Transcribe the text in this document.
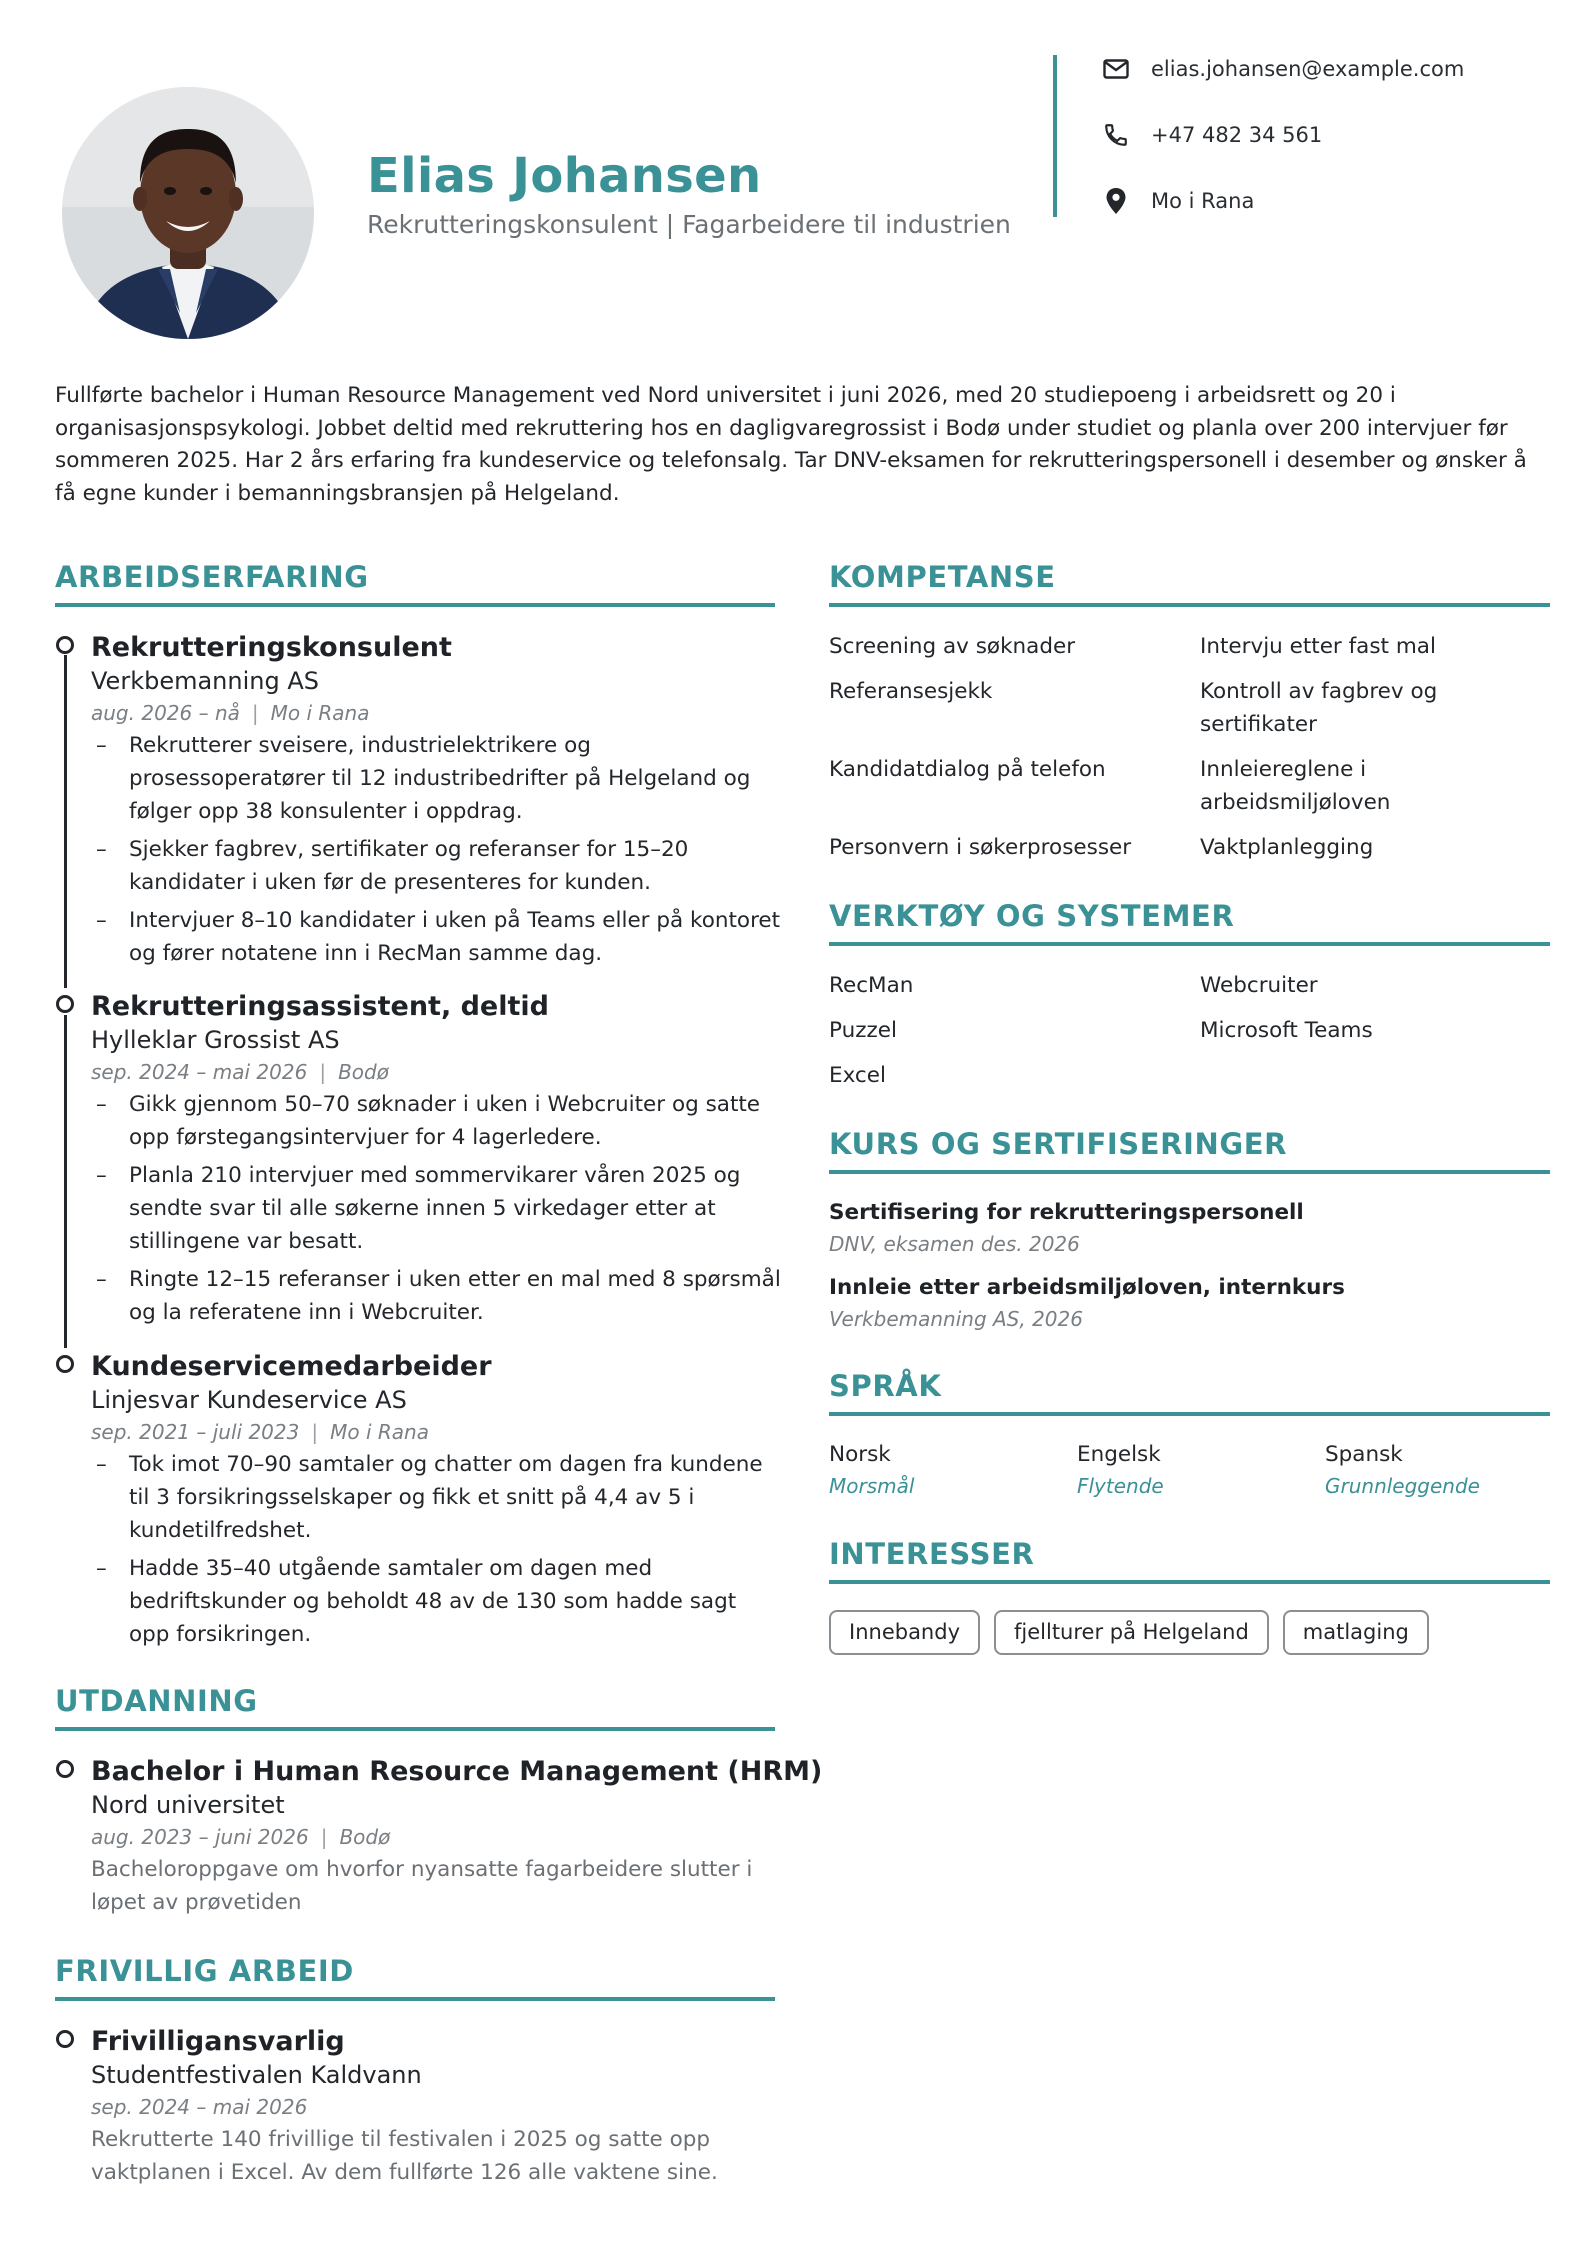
Elias Johansen
Rekrutteringskonsulent | Fagarbeidere til industrien
elias.johansen@example.com
+47 482 34 561
Mo i Rana
Fullførte bachelor i Human Resource Management ved Nord universitet i juni 2026, med 20 studiepoeng i arbeidsrett og 20 i organisasjonspsykologi. Jobbet deltid med rekruttering hos en dagligvaregrossist i Bodø under studiet og planla over 200 intervjuer før sommeren 2025. Har 2 års erfaring fra kundeservice og telefonsalg. Tar DNV-eksamen for rekrutteringspersonell i desember og ønsker å få egne kunder i bemanningsbransjen på Helgeland.
ARBEIDSERFARING
Rekrutteringskonsulent
Verkbemanning AS
aug. 2026 – nå | Mo i Rana
– Rekrutterer sveisere, industrielektrikere og prosessoperatører til 12 industribedrifter på Helgeland og følger opp 38 konsulenter i oppdrag.
– Sjekker fagbrev, sertifikater og referanser for 15–20 kandidater i uken før de presenteres for kunden.
– Intervjuer 8–10 kandidater i uken på Teams eller på kontoret og fører notatene inn i RecMan samme dag.
Rekrutteringsassistent, deltid
Hylleklar Grossist AS
sep. 2024 – mai 2026 | Bodø
– Gikk gjennom 50–70 søknader i uken i Webcruiter og satte opp førstegangsintervjuer for 4 lagerledere.
– Planla 210 intervjuer med sommervikarer våren 2025 og sendte svar til alle søkerne innen 5 virkedager etter at stillingene var besatt.
– Ringte 12–15 referanser i uken etter en mal med 8 spørsmål og la referatene inn i Webcruiter.
Kundeservicemedarbeider
Linjesvar Kundeservice AS
sep. 2021 – juli 2023 | Mo i Rana
– Tok imot 70–90 samtaler og chatter om dagen fra kundene til 3 forsikringsselskaper og fikk et snitt på 4,4 av 5 i kundetilfredshet.
– Hadde 35–40 utgående samtaler om dagen med bedriftskunder og beholdt 48 av de 130 som hadde sagt opp forsikringen.
UTDANNING
Bachelor i Human Resource Management (HRM)
Nord universitet
aug. 2023 – juni 2026 | Bodø
Bacheloroppgave om hvorfor nyansatte fagarbeidere slutter i løpet av prøvetiden
FRIVILLIG ARBEID
Frivilligansvarlig
Studentfestivalen Kaldvann
sep. 2024 – mai 2026
Rekrutterte 140 frivillige til festivalen i 2025 og satte opp vaktplanen i Excel. Av dem fullførte 126 alle vaktene sine.
KOMPETANSE
Screening av søknader	Intervju etter fast mal
Referansesjekk	Kontroll av fagbrev og sertifikater
Kandidatdialog på telefon	Innleiereglene i arbeidsmiljøloven
Personvern i søkerprosesser	Vaktplanlegging
VERKTØY OG SYSTEMER
RecMan	Webcruiter
Puzzel	Microsoft Teams
Excel
KURS OG SERTIFISERINGER
Sertifisering for rekrutteringspersonell
DNV, eksamen des. 2026
Innleie etter arbeidsmiljøloven, internkurs
Verkbemanning AS, 2026
SPRÅK
Norsk
Morsmål
Engelsk
Flytende
Spansk
Grunnleggende
INTERESSER
Innebandy	fjellturer på Helgeland	matlaging
